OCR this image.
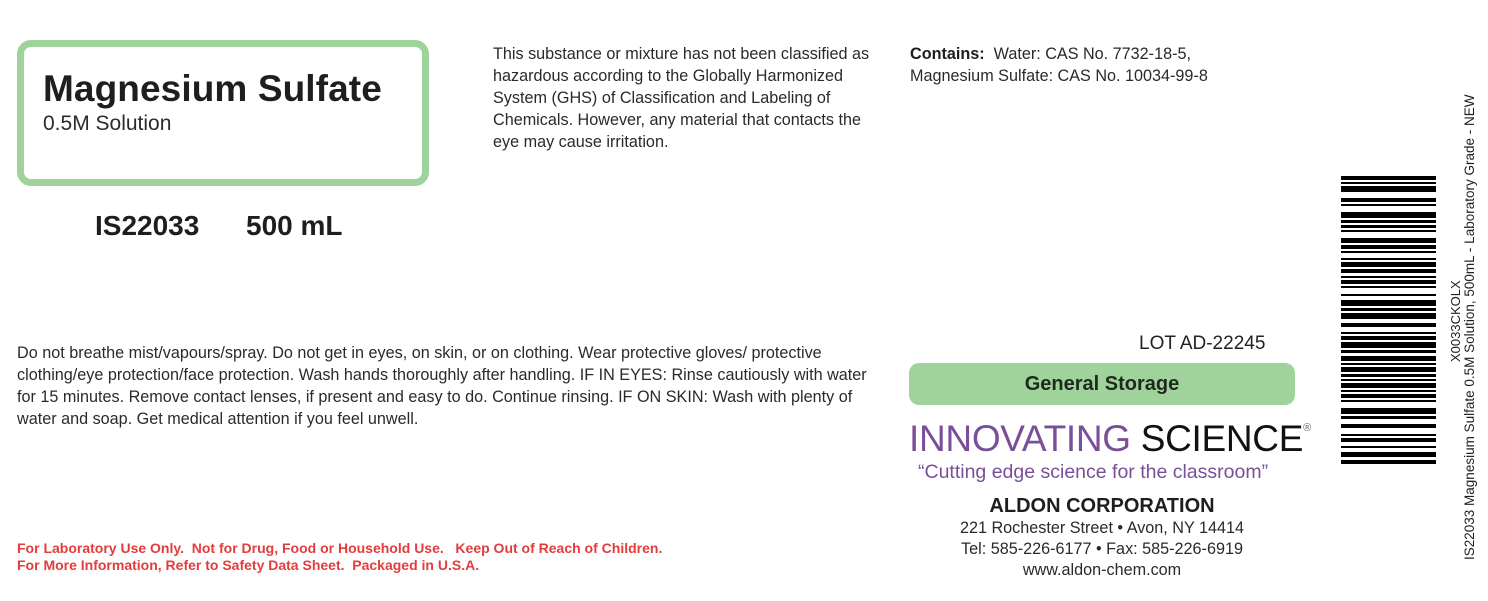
Magnesium Sulfate
0.5M Solution
IS22033 500 mL
This substance or mixture has not been classified as hazardous according to the Globally Harmonized System (GHS) of Classification and Labeling of Chemicals. However, any material that contacts the eye may cause irritation.
Contains: Water: CAS No. 7732-18-5,
Magnesium Sulfate: CAS No. 10034-99-8
Do not breathe mist/vapours/spray. Do not get in eyes, on skin, or on clothing. Wear protective gloves/ protective clothing/eye protection/face protection. Wash hands thoroughly after handling. IF IN EYES: Rinse cautiously with water for 15 minutes. Remove contact lenses, if present and easy to do. Continue rinsing. IF ON SKIN: Wash with plenty of water and soap. Get medical attention if you feel unwell.
For Laboratory Use Only.  Not for Drug, Food or Household Use.   Keep Out of Reach of Children.
For More Information, Refer to Safety Data Sheet.  Packaged in U.S.A.
LOT AD-22245
General Storage
INNOVATING SCIENCE®
“Cutting edge science for the classroom”
ALDON CORPORATION
221 Rochester Street • Avon, NY 14414
Tel: 585-226-6177 • Fax: 585-226-6919
www.aldon-chem.com
X0033CKOLX IS22033 Magnesium Sulfate 0.5M Solution, 500mL - Laboratory Grade - NEW
